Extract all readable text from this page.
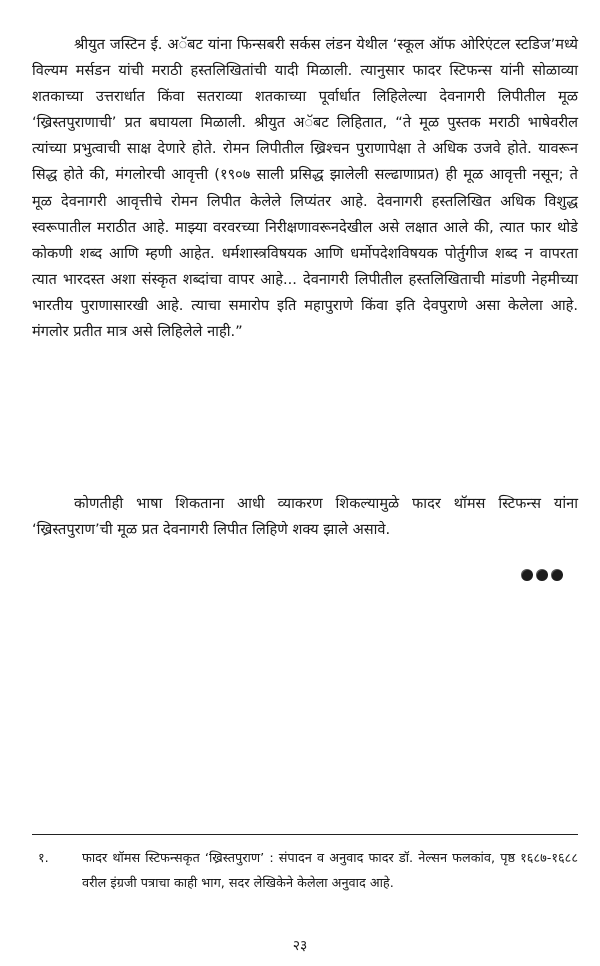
श्रीयुत जस्टिन ई. अॅबट यांना फिन्सबरी सर्कस लंडन येथील ‘स्कूल ऑफ ओरिएंटल स्टडिज’मध्ये विल्यम मर्सडन यांची मराठी हस्तलिखितांची यादी मिळाली. त्यानुसार फादर स्टिफन्स यांनी सोळाव्या शतकाच्या उत्तरार्धात किंवा सतराव्या शतकाच्या पूर्वार्धात लिहिलेल्या देवनागरी लिपीतील मूळ ‘ख्रिस्तपुराणाची’ प्रत बघायला मिळाली. श्रीयुत अॅबट लिहितात, “ते मूळ पुस्तक मराठी भाषेवरील त्यांच्या प्रभुत्वाची साक्ष देणारे होते. रोमन लिपीतील ख्रिश्चन पुराणापेक्षा ते अधिक उजवे होते. यावरून सिद्ध होते की, मंगलोरची आवृत्ती (१९०७ साली प्रसिद्ध झालेली सल्ढाणाप्रत) ही मूळ आवृत्ती नसून; ते मूळ देवनागरी आवृत्तीचे रोमन लिपीत केलेले लिप्यंतर आहे. देवनागरी हस्तलिखित अधिक विशुद्ध स्वरूपातील मराठीत आहे. माझ्या वरवरच्या निरीक्षणावरूनदेखील असे लक्षात आले की, त्यात फार थोडे कोकणी शब्द आणि म्हणी आहेत. धर्मशास्त्रविषयक आणि धर्मोपदेशविषयक पोर्तुगीज शब्द न वापरता त्यात भारदस्त अशा संस्कृत शब्दांचा वापर आहे... देवनागरी लिपीतील हस्तलिखिताची मांडणी नेहमीच्या भारतीय पुराणासारखी आहे. त्याचा समारोप इति महापुराणे किंवा इति देवपुराणे असा केलेला आहे. मंगलोर प्रतीत मात्र असे लिहिलेले नाही.”

कोणतीही भाषा शिकताना आधी व्याकरण शिकल्यामुळे फादर थॉमस स्टिफन्स यांना ‘ख्रिस्तपुराण’ची मूळ प्रत देवनागरी लिपीत लिहिणे शक्य झाले असावे.

१.	फादर थॉमस स्टिफन्सकृत ‘ख्रिस्तपुराण’ : संपादन व अनुवाद फादर डॉ. नेल्सन फलकांव, पृष्ठ १६८७-१६८८ वरील इंग्रजी पत्राचा काही भाग, सदर लेखिकेने केलेला अनुवाद आहे.
२३
